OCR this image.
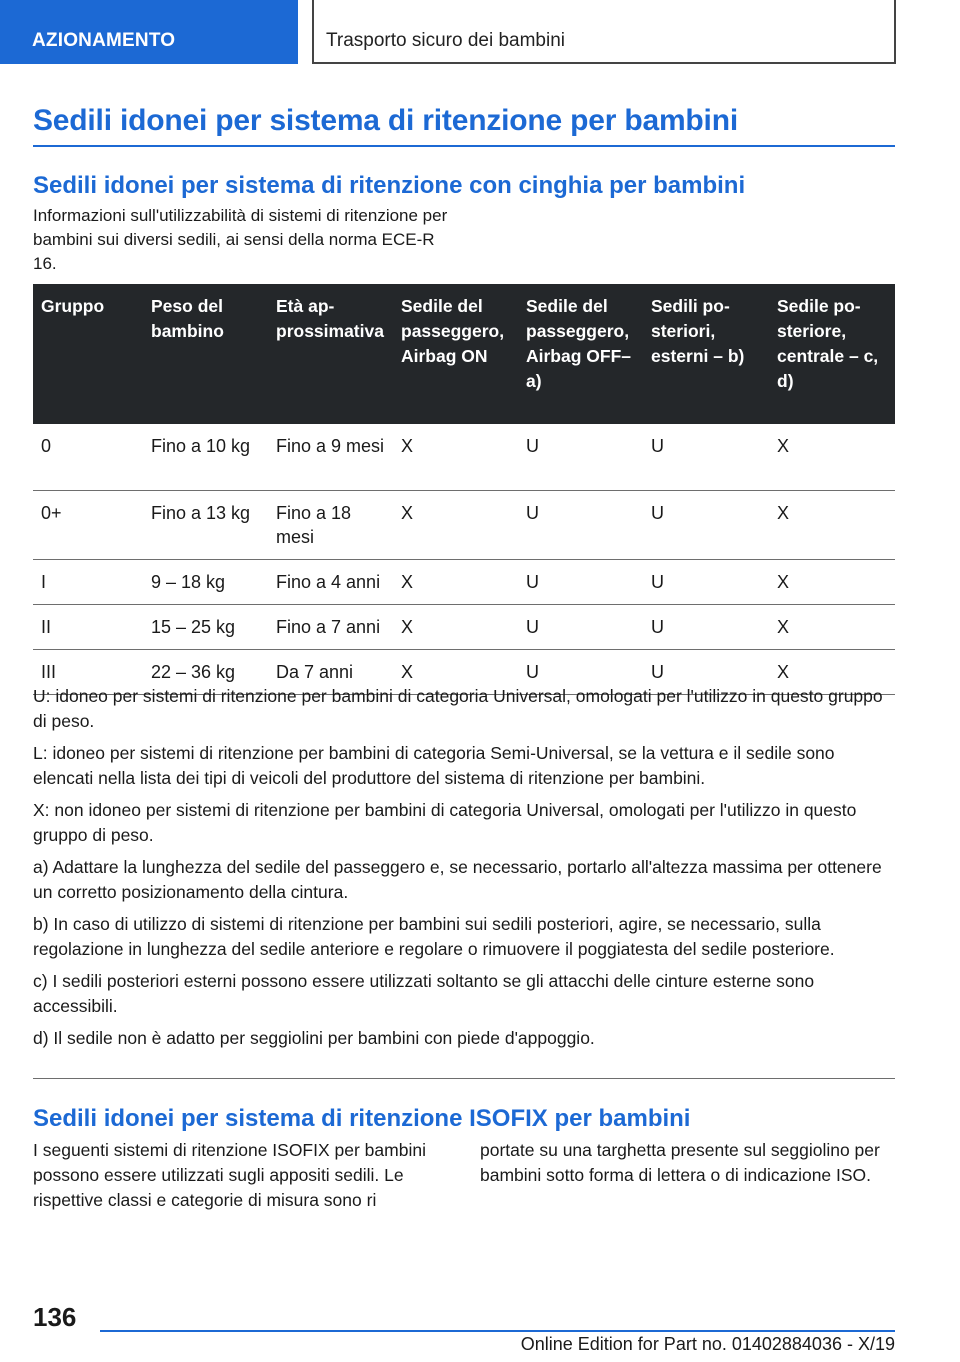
AZIONAMENTO	Trasporto sicuro dei bambini
Sedili idonei per sistema di ritenzione per bambini
Sedili idonei per sistema di ritenzione con cinghia per bambini

Informazioni sull'utilizzabilità di sistemi di ritenzione per bambini sui diversi sedili, ai sensi della norma ECE-R 16.

Gruppo	Peso del bambino	Età approssimativa	Sedile del passeggero, Airbag ON	Sedile del passeggero, Airbag OFF– a)	Sedili posteriori, esterni – b)	Sedile posteriore, centrale – c, d)
0	Fino a 10 kg	Fino a 9 mesi	X	U	U	X
0+	Fino a 13 kg	Fino a 18 mesi	X	U	U	X
I	9 – 18 kg	Fino a 4 anni	X	U	U	X
II	15 – 25 kg	Fino a 7 anni	X	U	U	X
III	22 – 36 kg	Da 7 anni	X	U	U	X

U: idoneo per sistemi di ritenzione per bambini di categoria Universal, omologati per l'utilizzo in questo gruppo di peso.

L: idoneo per sistemi di ritenzione per bambini di categoria Semi-Universal, se la vettura e il sedile sono elencati nella lista dei tipi di veicoli del produttore del sistema di ritenzione per bambini.

X: non idoneo per sistemi di ritenzione per bambini di categoria Universal, omologati per l'utilizzo in questo gruppo di peso.

a) Adattare la lunghezza del sedile del passeggero e, se necessario, portarlo all'altezza massima per ottenere un corretto posizionamento della cintura.

b) In caso di utilizzo di sistemi di ritenzione per bambini sui sedili posteriori, agire, se necessario, sulla regolazione in lunghezza del sedile anteriore e regolare o rimuovere il poggiatesta del sedile posteriore.

c) I sedili posteriori esterni possono essere utilizzati soltanto se gli attacchi delle cinture esterne sono accessibili.

d) Il sedile non è adatto per seggiolini per bambini con piede d'appoggio.

Sedili idonei per sistema di ritenzione ISOFIX per bambini

I seguenti sistemi di ritenzione ISOFIX per bambini possono essere utilizzati sugli appositi sedili. Le rispettive classi e categorie di misura sono ri

portate su una targhetta presente sul seggiolino per bambini sotto forma di lettera o di indicazione ISO.

136
Online Edition for Part no. 01402884036 - X/19
